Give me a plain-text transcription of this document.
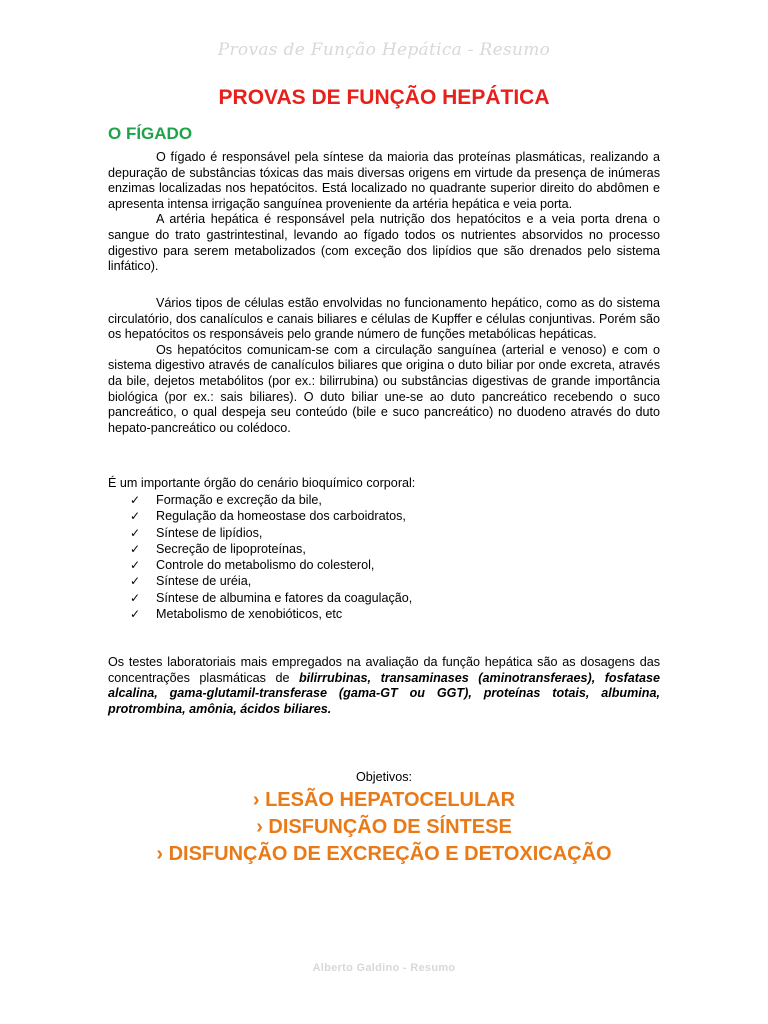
Provas de Função Hepática - Resumo
PROVAS DE FUNÇÃO HEPÁTICA
O FÍGADO

O fígado é responsável pela síntese da maioria das proteínas plasmáticas, realizando a depuração de substâncias tóxicas das mais diversas origens em virtude da presença de inúmeras enzimas localizadas nos hepatócitos. Está localizado no quadrante superior direito do abdômen e apresenta intensa irrigação sanguínea proveniente da artéria hepática e veia porta.

A artéria hepática é responsável pela nutrição dos hepatócitos e a veia porta drena o sangue do trato gastrintestinal, levando ao fígado todos os nutrientes absorvidos no processo digestivo para serem metabolizados (com exceção dos lipídios que são drenados pelo sistema linfático).

Vários tipos de células estão envolvidas no funcionamento hepático, como as do sistema circulatório, dos canalículos e canais biliares e células de Kupffer e células conjuntivas. Porém são os hepatócitos os responsáveis pelo grande número de funções metabólicas hepáticas.

Os hepatócitos comunicam-se com a circulação sanguínea (arterial e venoso) e com o sistema digestivo através de canalículos biliares que origina o duto biliar por onde excreta, através da bile, dejetos metabólitos (por ex.: bilirrubina) ou substâncias digestivas de grande importância biológica (por ex.: sais biliares). O duto biliar une-se ao duto pancreático recebendo o suco pancreático, o qual despeja seu conteúdo (bile e suco pancreático) no duodeno através do duto hepato-pancreático ou colédoco.

É um importante órgão do cenário bioquímico corporal:

✓	Formação e excreção da bile,
✓	Regulação da homeostase dos carboidratos,
✓	Síntese de lipídios,
✓	Secreção de lipoproteínas,
✓	Controle do metabolismo do colesterol,
✓	Síntese de uréia,
✓	Síntese de albumina e fatores da coagulação,
✓	Metabolismo de xenobióticos, etc

Os testes laboratoriais mais empregados na avaliação da função hepática são as dosagens das concentrações plasmáticas de bilirrubinas, transaminases (aminotransferaes), fosfatase alcalina, gama-glutamil-transferase (gama-GT ou GGT), proteínas totais, albumina, protrombina, amônia, ácidos biliares.

Objetivos:
› LESÃO HEPATOCELULAR
› DISFUNÇÃO DE SÍNTESE
› DISFUNÇÃO DE EXCREÇÃO E DETOXICAÇÃO
Alberto Galdino - Resumo
